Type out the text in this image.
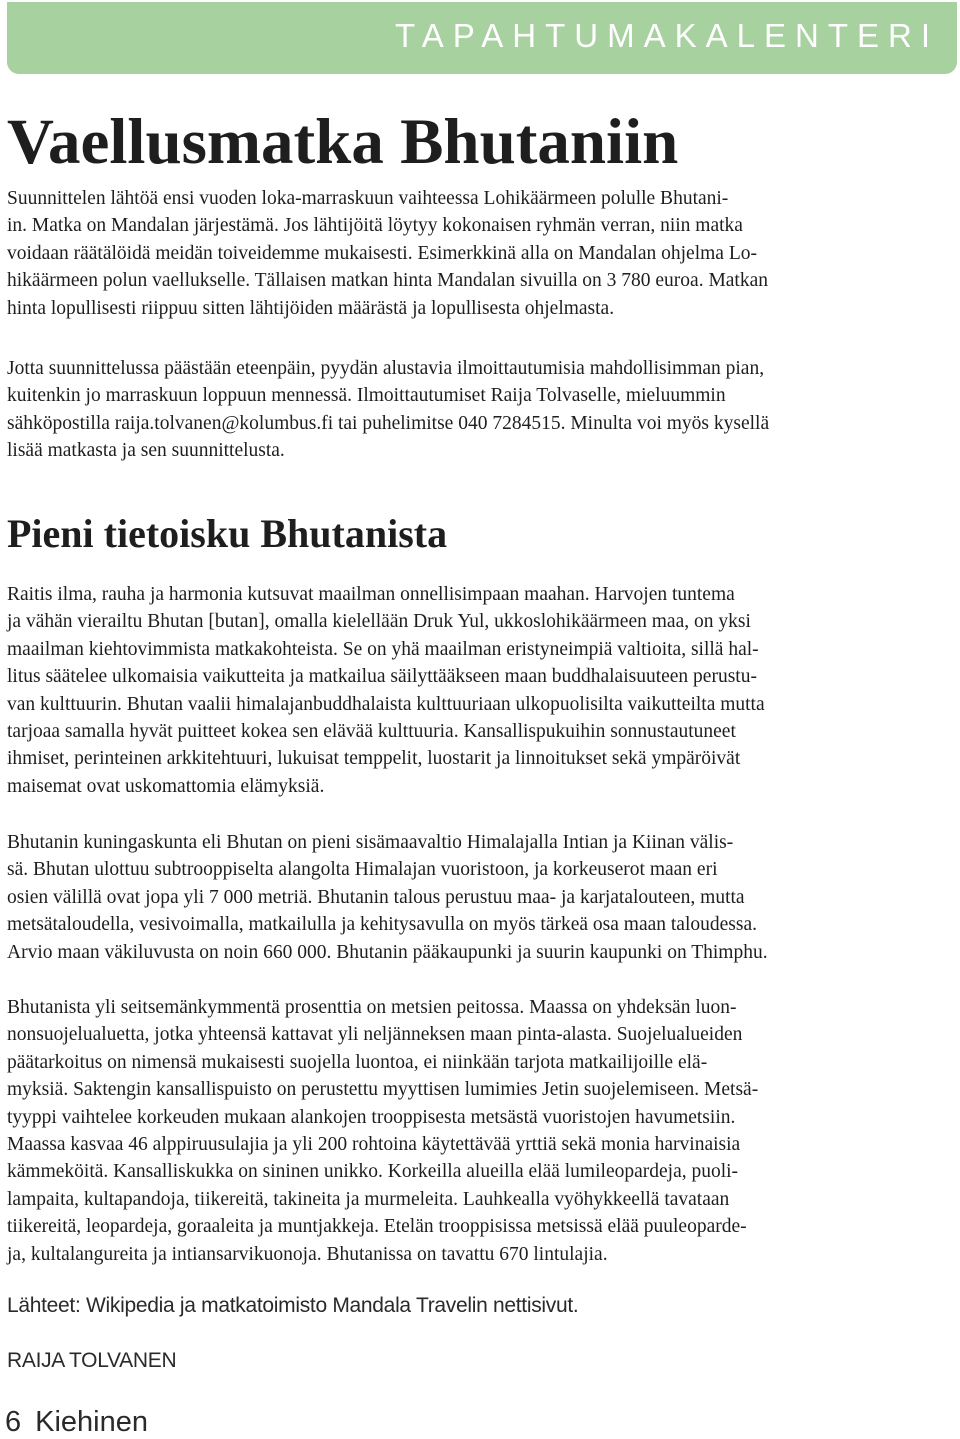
TAPAHTUMAKALENTERI
Vaellusmatka Bhutaniin
Suunnittelen lähtöä ensi vuoden loka-marraskuun vaihteessa Lohikäärmeen polulle Bhutani-
in. Matka on Mandalan järjestämä. Jos lähtijöitä löytyy kokonaisen ryhmän verran, niin matka
voidaan räätälöidä meidän toiveidemme mukaisesti. Esimerkkinä alla on Mandalan ohjelma Lo-
hikäärmeen polun vaellukselle. Tällaisen matkan hinta Mandalan sivuilla on 3 780 euroa. Matkan
hinta lopullisesti riippuu sitten lähtijöiden määrästä ja lopullisesta ohjelmasta.
Jotta suunnittelussa päästään eteenpäin, pyydän alustavia ilmoittautumisia mahdollisimman pian,
kuitenkin jo marraskuun loppuun mennessä. Ilmoittautumiset Raija Tolvaselle, mieluummin
sähköpostilla raija.tolvanen@kolumbus.fi tai puhelimitse 040 7284515. Minulta voi myös kysellä
lisää matkasta ja sen suunnittelusta.
Pieni tietoisku Bhutanista
Raitis ilma, rauha ja harmonia kutsuvat maailman onnellisimpaan maahan. Harvojen tuntema
ja vähän vierailtu Bhutan [butan], omalla kielellään Druk Yul, ukkoslohikäärmeen maa, on yksi
maailman kiehtovimmista matkakohteista. Se on yhä maailman eristyneimpiä valtioita, sillä hal-
litus säätelee ulkomaisia vaikutteita ja matkailua säilyttääkseen maan buddhalaisuuteen perustu-
van kulttuurin. Bhutan vaalii himalajanbuddhalaista kulttuuriaan ulkopuolisilta vaikutteilta mutta
tarjoaa samalla hyvät puitteet kokea sen elävää kulttuuria. Kansallispukuihin sonnustautuneet
ihmiset, perinteinen arkkitehtuuri, lukuisat temppelit, luostarit ja linnoitukset sekä ympäröivät
maisemat ovat uskomattomia elämyksiä.
Bhutanin kuningaskunta eli Bhutan on pieni sisämaavaltio Himalajalla Intian ja Kiinan välis-
sä. Bhutan ulottuu subtrooppiselta alangolta Himalajan vuoristoon, ja korkeuserot maan eri
osien välillä ovat jopa yli 7 000 metriä. Bhutanin talous perustuu maa- ja karjatalouteen, mutta
metsätaloudella, vesivoimalla, matkailulla ja kehitysavulla on myös tärkeä osa maan taloudessa.
Arvio maan väkiluvusta on noin 660 000. Bhutanin pääkaupunki ja suurin kaupunki on Thimphu.
Bhutanista yli seitsemänkymmentä prosenttia on metsien peitossa. Maassa on yhdeksän luon-
nonsuojelualuetta, jotka yhteensä kattavat yli neljänneksen maan pinta-alasta. Suojelualueiden
päätarkoitus on nimensä mukaisesti suojella luontoa, ei niinkään tarjota matkailijoille elä-
myksiä. Saktengin kansallispuisto on perustettu myyttisen lumimies Jetin suojelemiseen. Metsä-
tyyppi vaihtelee korkeuden mukaan alankojen trooppisesta metsästä vuoristojen havumetsiin.
Maassa kasvaa 46 alppiruusulajia ja yli 200 rohtoina käytettävää yrttiä sekä monia harvinaisia
kämmeköitä. Kansalliskukka on sininen unikko. Korkeilla alueilla elää lumileopardeja, puoli-
lampaita, kultapandoja, tiikereitä, takineita ja murmeleita. Lauhkealla vyöhykkeellä tavataan
tiikereitä, leopardeja, goraaleita ja muntjakkeja. Etelän trooppisissa metsissä elää puuleoparde-
ja, kultalangureita ja intiansarvikuonoja. Bhutanissa on tavattu 670 lintulajia.

Lähteet: Wikipedia ja matkatoimisto Mandala Travelin nettisivut.

RAIJA TOLVANEN

6 Kiehinen
